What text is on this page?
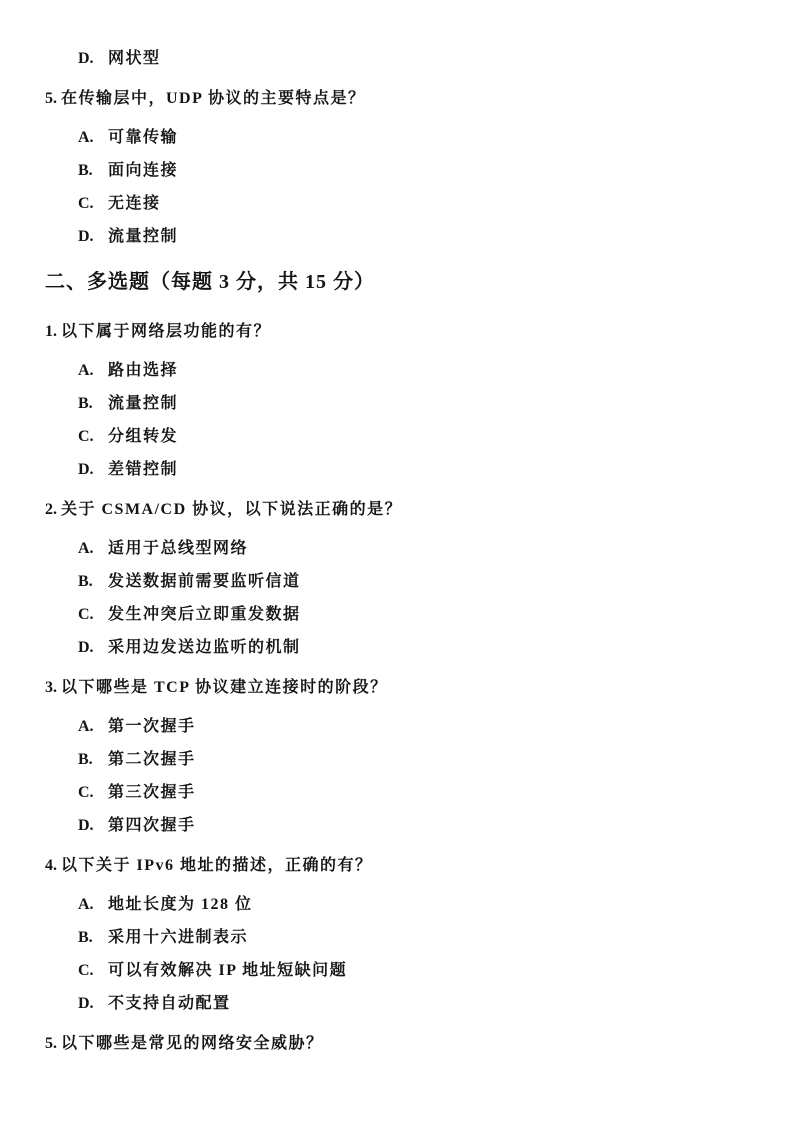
D. 网状型
5. 在传输层中，UDP 协议的主要特点是？
A. 可靠传输
B. 面向连接
C. 无连接
D. 流量控制
二、多选题（每题 3 分，共 15 分）
1. 以下属于网络层功能的有？
A. 路由选择
B. 流量控制
C. 分组转发
D. 差错控制
2. 关于 CSMA/CD 协议，以下说法正确的是？
A. 适用于总线型网络
B. 发送数据前需要监听信道
C. 发生冲突后立即重发数据
D. 采用边发送边监听的机制
3. 以下哪些是 TCP 协议建立连接时的阶段？
A. 第一次握手
B. 第二次握手
C. 第三次握手
D. 第四次握手
4. 以下关于 IPv6 地址的描述，正确的有？
A. 地址长度为 128 位
B. 采用十六进制表示
C. 可以有效解决 IP 地址短缺问题
D. 不支持自动配置
5. 以下哪些是常见的网络安全威胁？
